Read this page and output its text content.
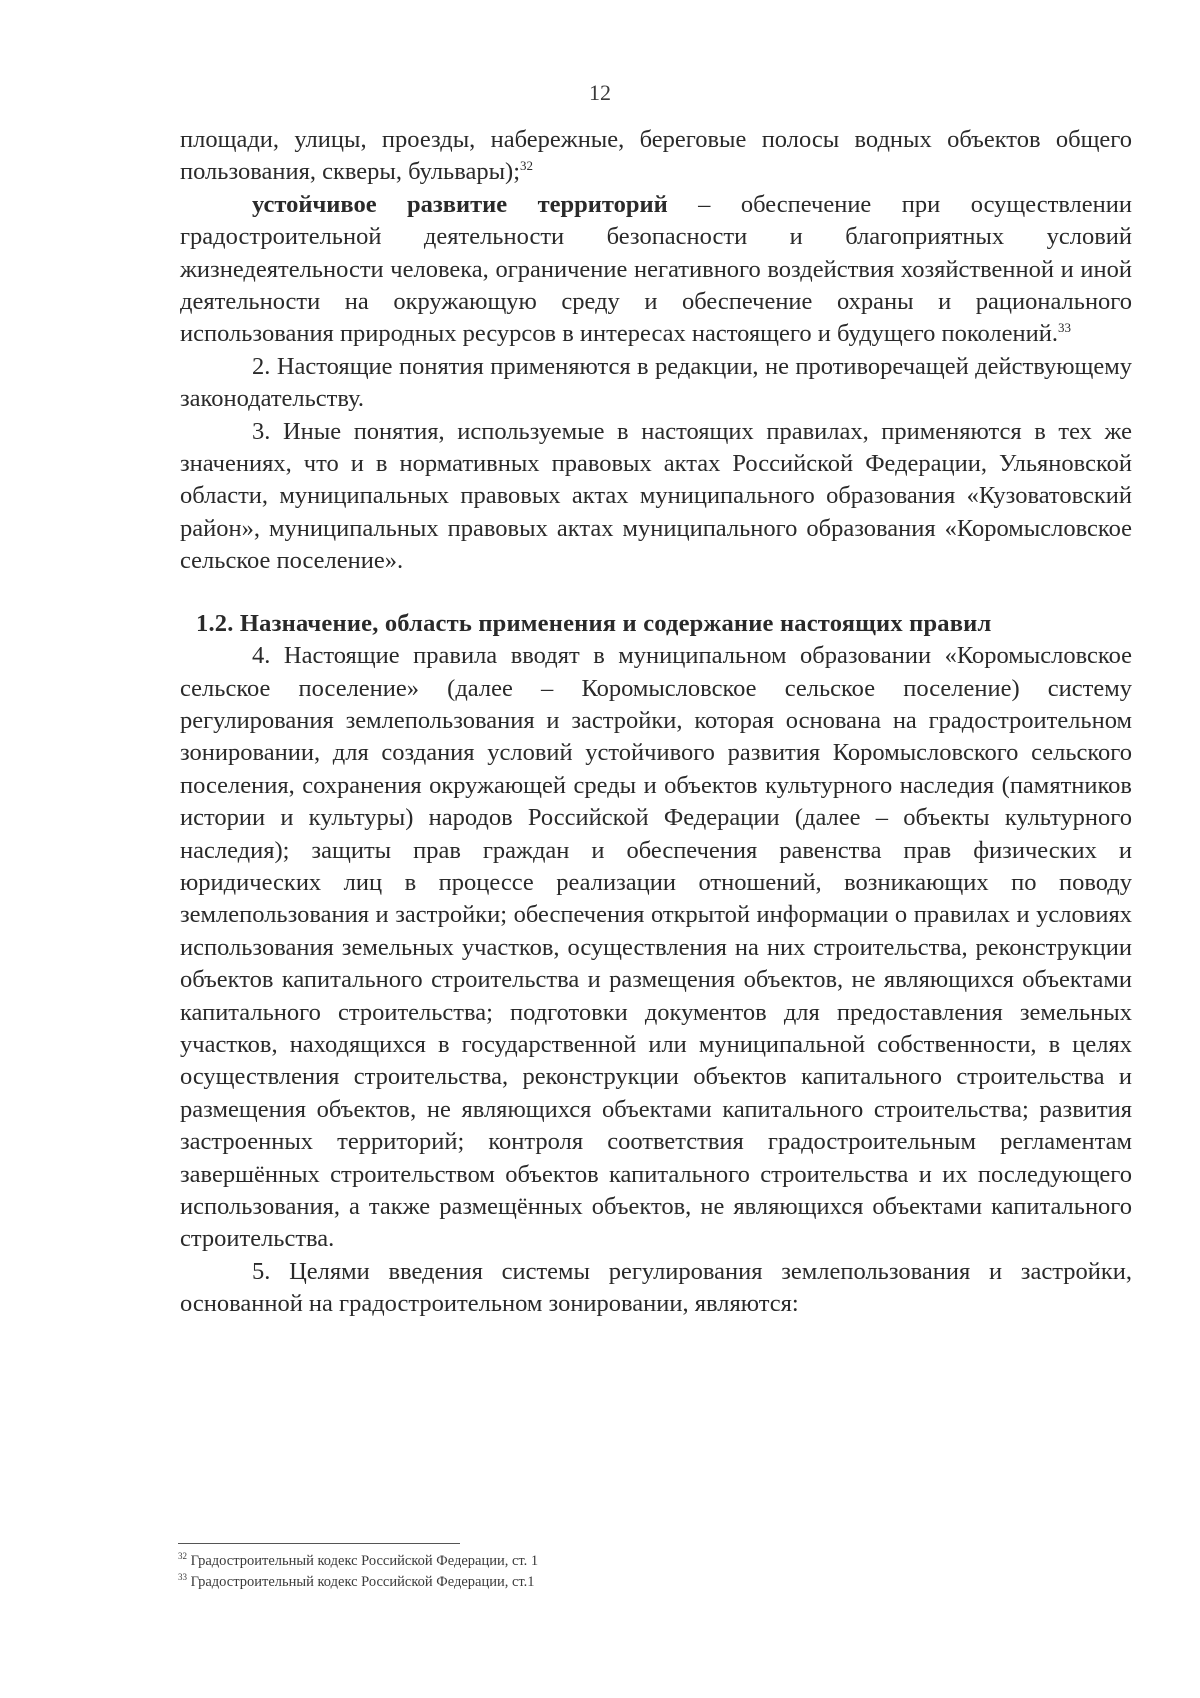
12

площади, улицы, проезды, набережные, береговые полосы водных объектов общего пользования, скверы, бульвары);$^{32}$

устойчивое развитие территорий – обеспечение при осуществлении градостроительной деятельности безопасности и благоприятных условий жизнедеятельности человека, ограничение негативного воздействия хозяйственной и иной деятельности на окружающую среду и обеспечение охраны и рационального использования природных ресурсов в интересах настоящего и будущего поколений.$^{33}$

2. Настоящие понятия применяются в редакции, не противоречащей действующему законодательству.

3. Иные понятия, используемые в настоящих правилах, применяются в тех же значениях, что и в нормативных правовых актах Российской Федерации, Ульяновской области, муниципальных правовых актах муниципального образования «Кузоватовский район», муниципальных правовых актах муниципального образования «Коромысловское сельское поселение».

1.2. Назначение, область применения и содержание настоящих правил

4. Настоящие правила вводят в муниципальном образовании «Коромысловское сельское поселение» (далее – Коромысловское сельское поселение) систему регулирования землепользования и застройки, которая основана на градостроительном зонировании, для создания условий устойчивого развития Коромысловского сельского поселения, сохранения окружающей среды и объектов культурного наследия (памятников истории и культуры) народов Российской Федерации (далее – объекты культурного наследия); защиты прав граждан и обеспечения равенства прав физических и юридических лиц в процессе реализации отношений, возникающих по поводу землепользования и застройки; обеспечения открытой информации о правилах и условиях использования земельных участков, осуществления на них строительства, реконструкции объектов капитального строительства и размещения объектов, не являющихся объектами капитального строительства; подготовки документов для предоставления земельных участков, находящихся в государственной или муниципальной собственности, в целях осуществления строительства, реконструкции объектов капитального строительства и размещения объектов, не являющихся объектами капитального строительства; развития застроенных территорий; контроля соответствия градостроительным регламентам завершённых строительством объектов капитального строительства и их последующего использования, а также размещённых объектов, не являющихся объектами капитального строительства.

5. Целями введения системы регулирования землепользования и застройки, основанной на градостроительном зонировании, являются:

$^{32}$ Градостроительный кодекс Российской Федерации, ст. 1

$^{33}$ Градостроительный кодекс Российской Федерации, ст.1
